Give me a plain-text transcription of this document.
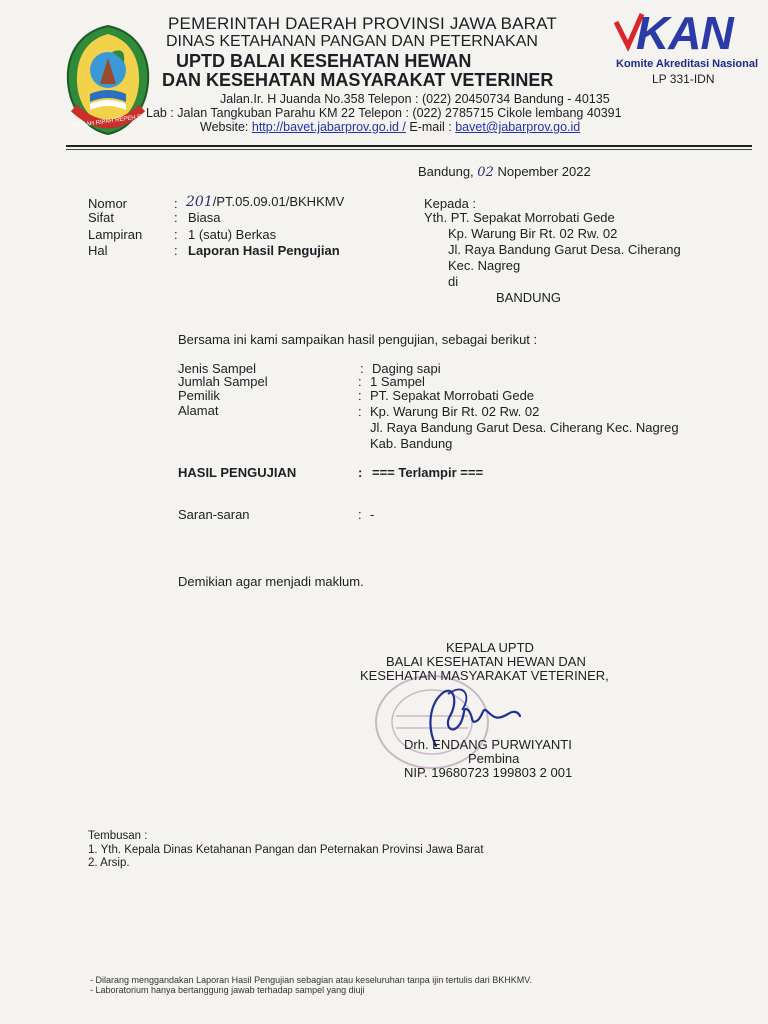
GEMAH RIPAH REPEH RAPIH
PEMERINTAH DAERAH PROVINSI JAWA BARAT
DINAS KETAHANAN PANGAN DAN PETERNAKAN
UPTD BALAI KESEHATAN HEWAN
DAN KESEHATAN MASYARAKAT VETERINER
Jalan.Ir. H Juanda No.358 Telepon : (022) 20450734 Bandung - 40135
Lab : Jalan Tangkuban Parahu KM 22 Telepon : (022) 2785715 Cikole lembang 40391
Website: http://bavet.jabarprov.go.id / E-mail : bavet@jabarprov.go.id
KAN
Komite Akreditasi Nasional
LP 331-IDN
Bandung, 02 Nopember 2022
Nomor
Sifat
Lampiran
Hal
:
:
:
:
201/PT.05.09.01/BKHKMV
Biasa
1 (satu) Berkas
Laporan Hasil Pengujian
Kepada :
Yth. PT. Sepakat Morrobati Gede
Kp. Warung Bir Rt. 02 Rw. 02
Jl. Raya Bandung Garut Desa. Ciherang
Kec. Nagreg
di
BANDUNG
Bersama ini kami sampaikan hasil pengujian, sebagai berikut :
Jenis Sampel
Jumlah Sampel
Pemilik
Alamat
:
:
:
:
Daging sapi
1 Sampel
PT. Sepakat Morrobati Gede
Kp. Warung Bir Rt. 02 Rw. 02
Jl. Raya Bandung Garut Desa. Ciherang Kec. Nagreg
Kab. Bandung
HASIL PENGUJIAN	: === Terlampir ===
Saran-saran	: -
Demikian agar menjadi maklum.
KEPALA UPTD
BALAI KESEHATAN HEWAN DAN
KESEHATAN MASYARAKAT VETERINER,
Drh. ENDANG PURWIYANTI
Pembina
NIP. 19680723 199803 2 001
Tembusan :
1. Yth. Kepala Dinas Ketahanan Pangan dan Peternakan Provinsi Jawa Barat
2. Arsip.
- Dilarang menggandakan Laporan Hasil Pengujian sebagian atau keseluruhan tanpa ijin tertulis dari BKHKMV.
- Laboratorium hanya bertanggung jawab terhadap sampel yang diuji
